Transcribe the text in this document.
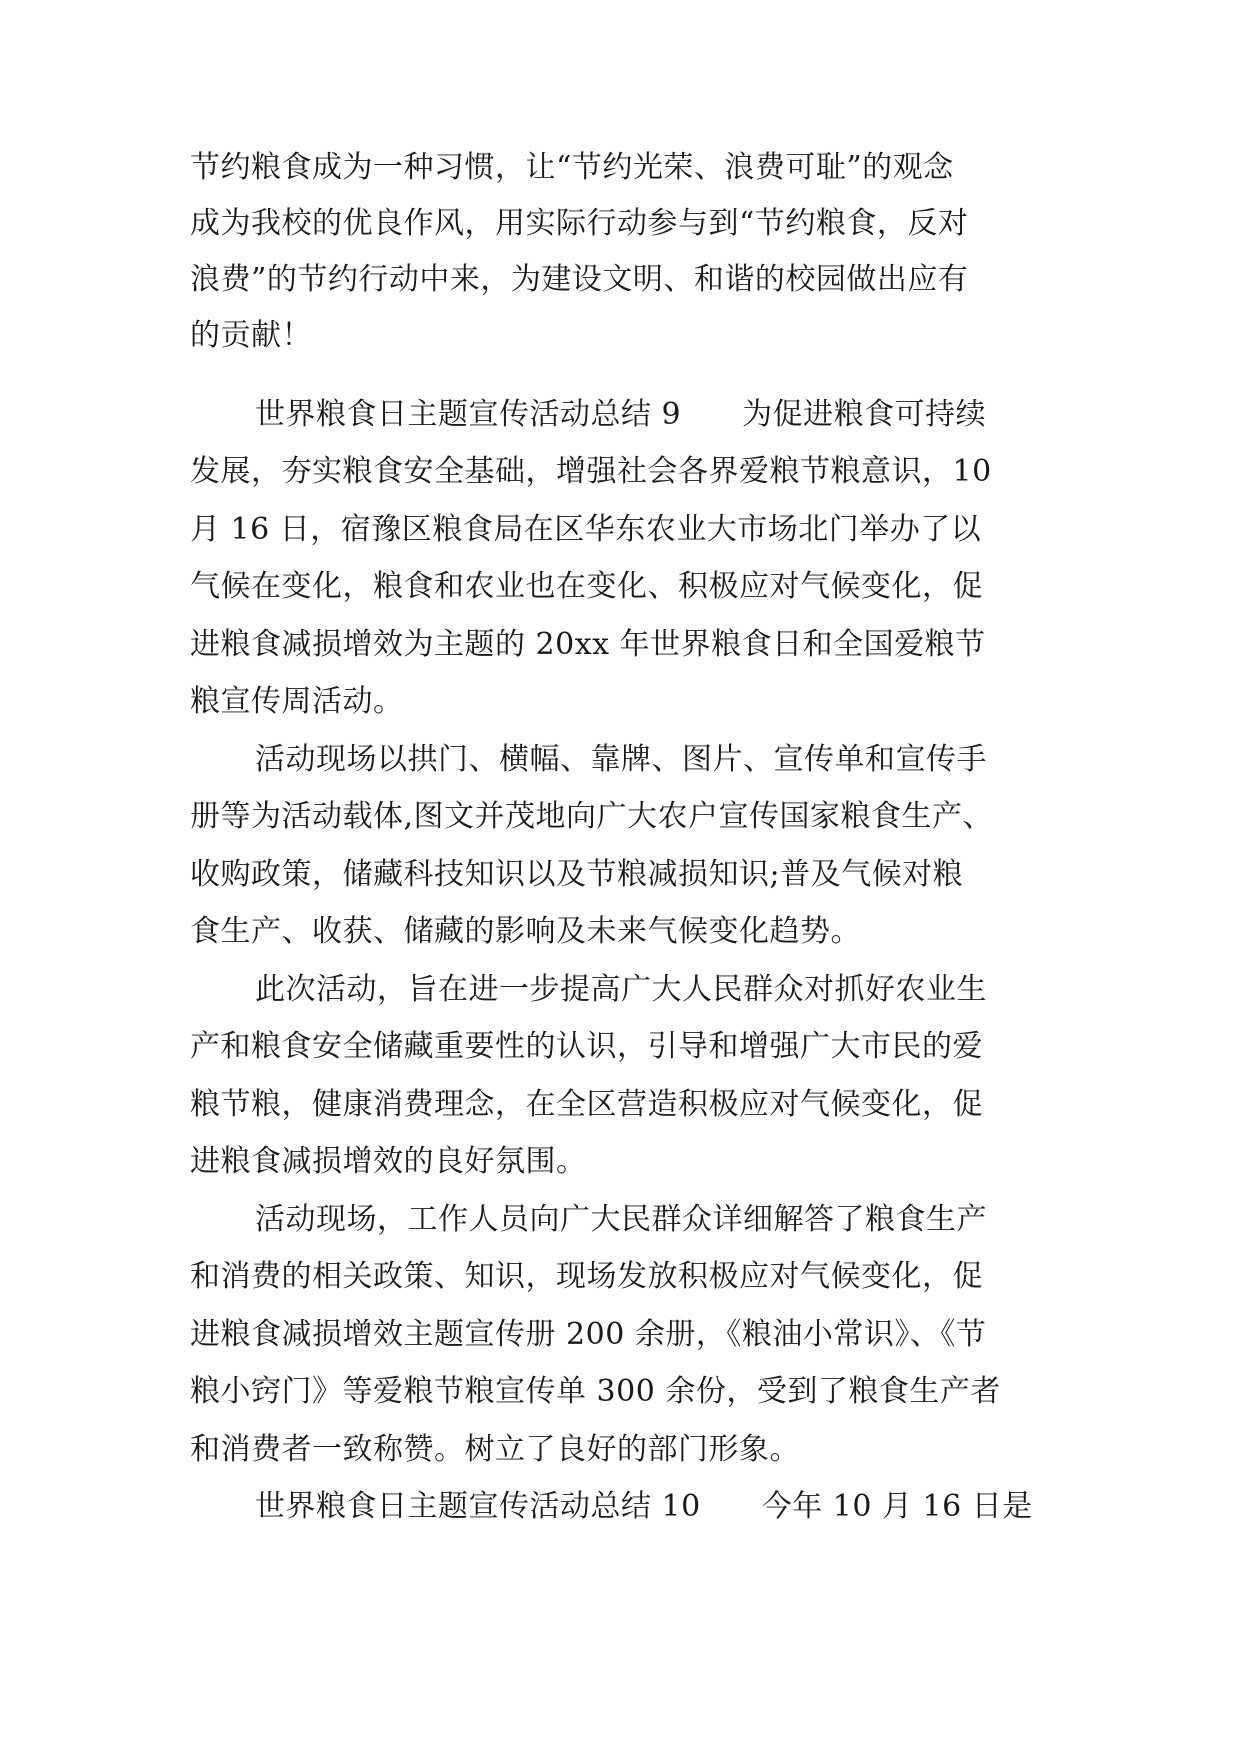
节约粮食成为一种习惯，让“节约光荣、浪费可耻”的观念

成为我校的优良作风，用实际行动参与到“节约粮食，反对

浪费”的节约行动中来，为建设文明、和谐的校园做出应有

的贡献！

世界粮食日主题宣传活动总结 9　　为促进粮食可持续

发展，夯实粮食安全基础，增强社会各界爱粮节粮意识，10

月 16 日，宿豫区粮食局在区华东农业大市场北门举办了以

气候在变化，粮食和农业也在变化、积极应对气候变化，促

进粮食减损增效为主题的 20xx 年世界粮食日和全国爱粮节

粮宣传周活动。

活动现场以拱门、横幅、靠牌、图片、宣传单和宣传手

册等为活动载体,图文并茂地向广大农户宣传国家粮食生产、

收购政策，储藏科技知识以及节粮减损知识;普及气候对粮

食生产、收获、储藏的影响及未来气候变化趋势。

此次活动，旨在进一步提高广大人民群众对抓好农业生

产和粮食安全储藏重要性的认识，引导和增强广大市民的爱

粮节粮，健康消费理念，在全区营造积极应对气候变化，促

进粮食减损增效的良好氛围。

活动现场，工作人员向广大民群众详细解答了粮食生产

和消费的相关政策、知识，现场发放积极应对气候变化，促

进粮食减损增效主题宣传册 200 余册，《粮油小常识》、《节

粮小窍门》等爱粮节粮宣传单 300 余份，受到了粮食生产者

和消费者一致称赞。树立了良好的部门形象。

世界粮食日主题宣传活动总结 10　　今年 10 月 16 日是
